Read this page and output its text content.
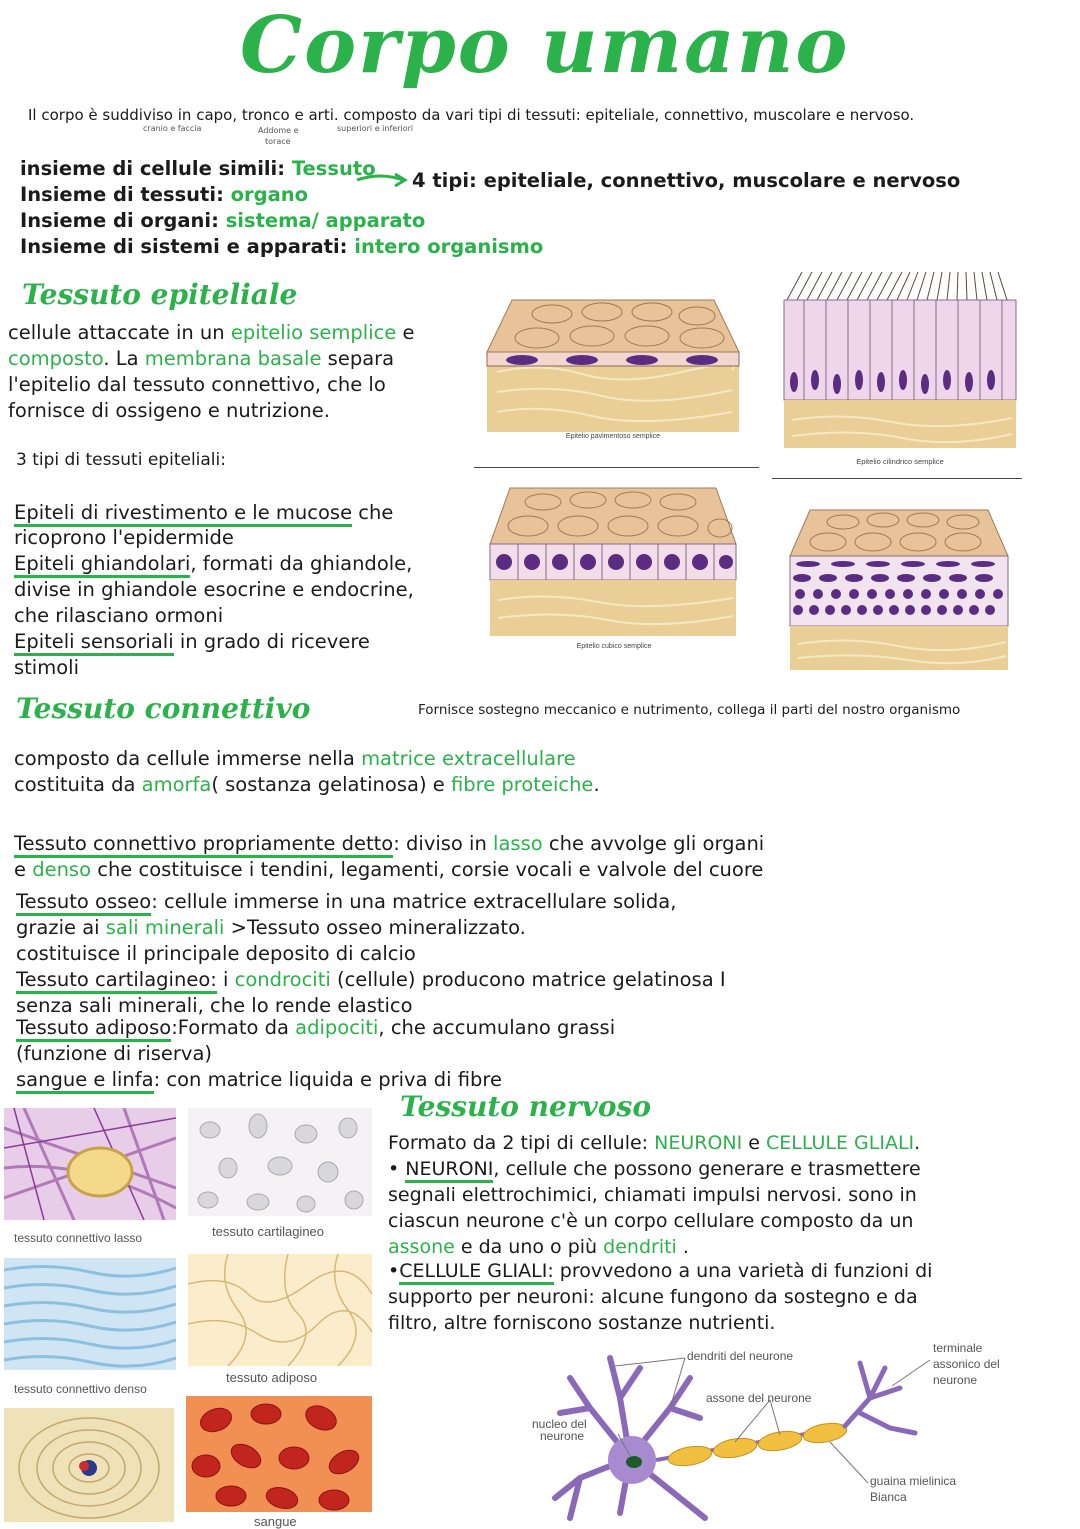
Corpo umano
Il corpo è suddiviso in capo, tronco e arti. composto da vari tipi di tessuti: epiteliale, connettivo, muscolare e nervoso.
cranio e faccia	Addome e
torace
superiori e inferiori
insieme di cellule simili: Tessuto
Insieme di tessuti: organo
Insieme di organi: sistema/ apparato
Insieme di sistemi e apparati: intero organismo
4 tipi: epiteliale, connettivo, muscolare e nervoso
Tessuto epiteliale
cellule attaccate in un epitelio semplice e
composto. La membrana basale separa
l'epitelio dal tessuto connettivo, che lo
fornisce di ossigeno e nutrizione.
3 tipi di tessuti epiteliali:
Epiteli di rivestimento e le mucose che
ricoprono l'epidermide
Epiteli ghiandolari, formati da ghiandole,
divise in ghiandole esocrine e endocrine,
che rilasciano ormoni
Epiteli sensoriali in grado di ricevere
stimoli
Epitelio pavimentoso semplice
Epitelio cilindrico semplice
Epitelio cubico semplice
Tessuto connettivo	Fornisce sostegno meccanico e nutrimento, collega il parti del nostro organismo
composto da cellule immerse nella matrice extracellulare
costituita da amorfa( sostanza gelatinosa) e fibre proteiche.
Tessuto connettivo propriamente detto: diviso in lasso che avvolge gli organi
e denso che costituisce i tendini, legamenti, corsie vocali e valvole del cuore
Tessuto osseo: cellule immerse in una matrice extracellulare solida,
grazie ai sali minerali >Tessuto osseo mineralizzato.
costituisce il principale deposito di calcio
Tessuto cartilagineo: i condrociti (cellule) producono matrice gelatinosa I
senza sali minerali, che lo rende elastico
Tessuto adiposo:Formato da adipociti, che accumulano grassi
(funzione di riserva)
sangue e linfa: con matrice liquida e priva di fibre
tessuto connettivo lasso	tessuto cartilagineo
tessuto connettivo denso
tessuto adiposo
sangue
Tessuto nervoso
Formato da 2 tipi di cellule: NEURONI e CELLULE GLIALI.
• NEURONI, cellule che possono generare e trasmettere
segnali elettrochimici, chiamati impulsi nervosi. sono in
ciascun neurone c'è un corpo cellulare composto da un
assone e da uno o più dendriti .
•CELLULE GLIALI: provvedono a una varietà di funzioni di
supporto per neuroni: alcune fungono da sostegno e da
filtro, altre forniscono sostanze nutrienti.
dendriti del neurone
terminale
assonico del
neurone
assone del neurone
nucleo del
neurone
guaina mielinica
Bianca
